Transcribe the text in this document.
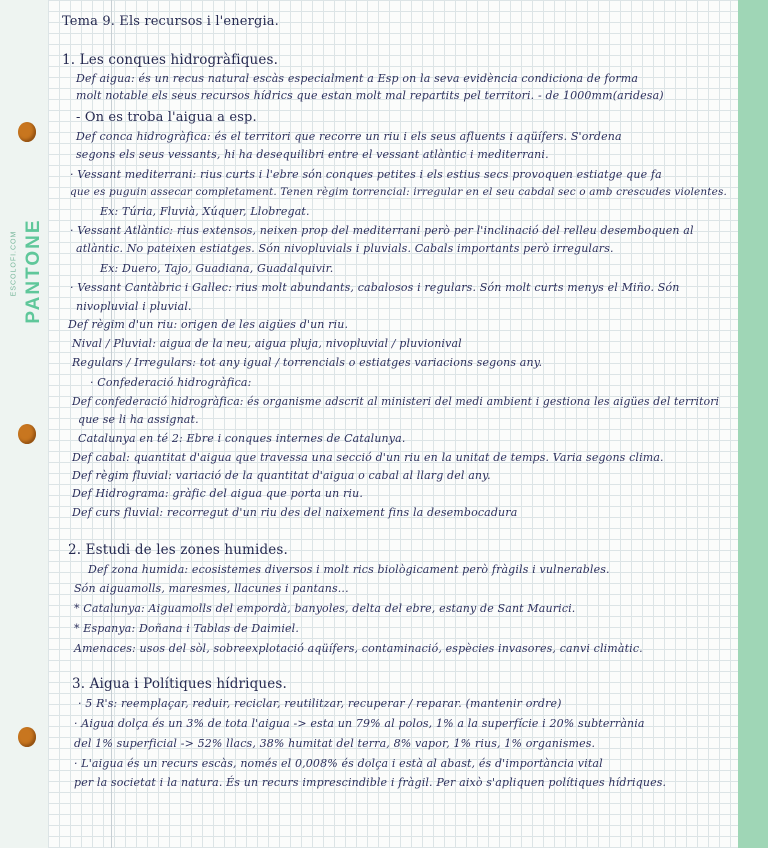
PANTONE
ESCOLOFI.COM
Tema 9. Els recursos i l'energia.
1. Les conques hidrogràfiques.
Def aigua: és un recus natural escàs especialment a Esp on la seva evidència condiciona de forma
molt notable els seus recursos hídrics que estan molt mal repartits pel territori. - de 1000mm(aridesa)
- On es troba l'aigua a esp.
Def conca hidrogràfica: és el territori que recorre un riu i els seus afluents i aqüífers. S'ordena
segons els seus vessants, hi ha desequilibri entre el vessant atlàntic i mediterrani.
· Vessant mediterrani: rius curts i l'ebre són conques petites i els estius secs provoquen estiatge que fa
que es puguin assecar completament. Tenen règim torrencial: irregular en el seu cabdal sec o amb crescudes violentes.
Ex: Túria, Fluvià, Xúquer, Llobregat.
· Vessant Atlàntic: rius extensos, neixen prop del mediterrani però per l'inclinació del relleu desemboquen al
atlàntic. No pateixen estiatges. Són nivopluvials i pluvials. Cabals importants però irregulars.
Ex: Duero, Tajo, Guadiana, Guadalquivir.
· Vessant Cantàbric i Gallec: rius molt abundants, cabalosos i regulars. Són molt curts menys el Miño. Són
nivopluvial i pluvial.
Def règim d'un riu: origen de les aigües d'un riu.
Nival / Pluvial: aigua de la neu, aigua pluja, nivopluvial / pluvionival
Regulars / Irregulars: tot any igual / torrencials o estiatges variacions segons any.
· Confederació hidrogràfica:
Def confederació hidrogràfica: és organisme adscrit al ministeri del medi ambient i gestiona les aigües del territori
que se li ha assignat.
Catalunya en té 2: Ebre i conques internes de Catalunya.
Def cabal: quantitat d'aigua que travessa una secció d'un riu en la unitat de temps. Varia segons clima.
Def règim fluvial: variació de la quantitat d'aigua o cabal al llarg del any.
Def Hidrograma: gràfic del aigua que porta un riu.
Def curs fluvial: recorregut d'un riu des del naixement fins la desembocadura
2. Estudi de les zones humides.
Def zona humida: ecosistemes diversos i molt rics biològicament però fràgils i vulnerables.
Són aiguamolls, maresmes, llacunes i pantans...
* Catalunya: Aiguamolls del empordà, banyoles, delta del ebre, estany de Sant Maurici.
* Espanya: Doñana i Tablas de Daimiel.
Amenaces: usos del sòl, sobreexplotació aqüífers, contaminació, espècies invasores, canvi climàtic.
3. Aigua i Polítiques hídriques.
· 5 R's: reemplaçar, reduir, reciclar, reutilitzar, recuperar / reparar. (mantenir ordre)
· Aigua dolça és un 3% de tota l'aigua -> esta un 79% al polos, 1% a la superfície i 20% subterrània
del 1% superficial -> 52% llacs, 38% humitat del terra, 8% vapor, 1% rius, 1% organismes.
· L'aigua és un recurs escàs, només el 0,008% és dolça i està al abast, és d'importància vital
per la societat i la natura. És un recurs imprescindible i fràgil. Per això s'apliquen polítiques hídriques.
